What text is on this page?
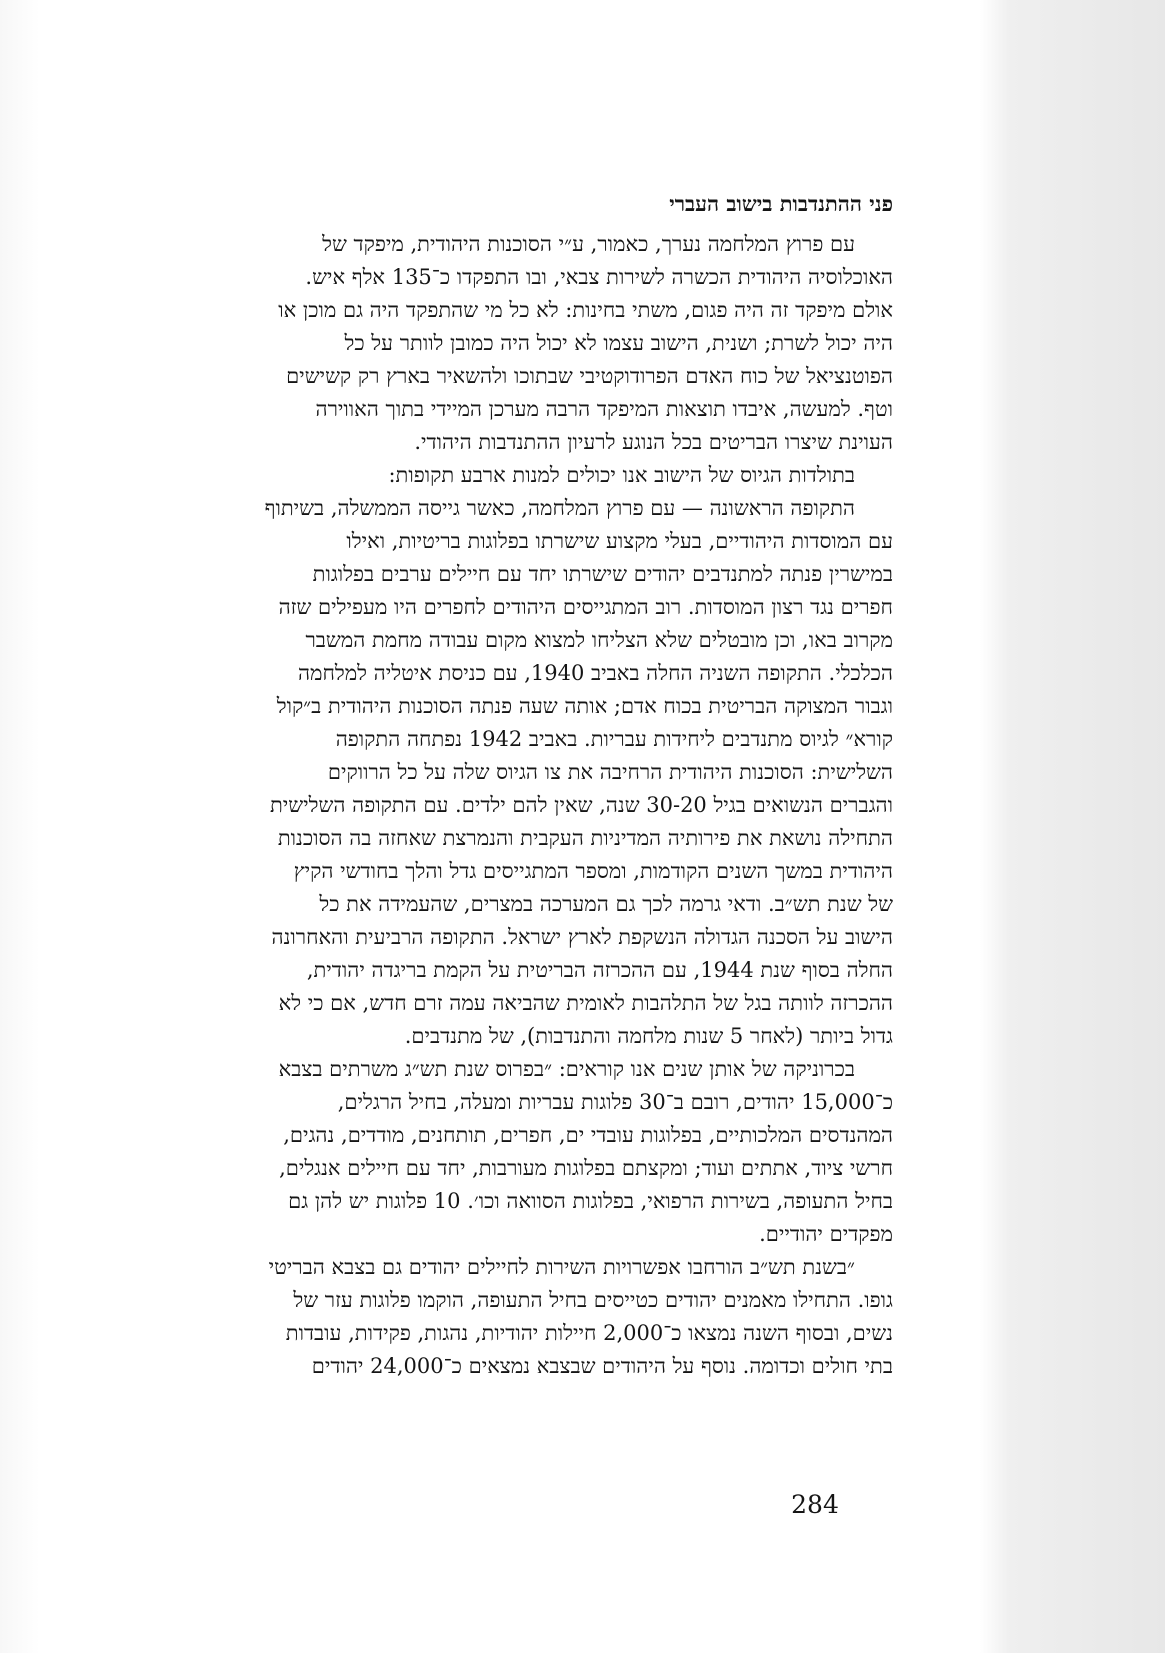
פני ההתנדבות בישוב העברי

עם פרוץ המלחמה נערך, כאמור, ע״י הסוכנות היהודית, מיפקד של
האוכלוסיה היהודית הכשרה לשירות צבאי, ובו התפקדו כ־135 אלף איש.
אולם מיפקד זה היה פגום, משתי בחינות: לא כל מי שהתפקד היה גם מוכן או
היה יכול לשרת; ושנית, הישוב עצמו לא יכול היה כמובן לוותר על כל
הפוטנציאל של כוח האדם הפרודוקטיבי שבתוכו ולהשאיר בארץ רק קשישים
וטף. למעשה, איבדו תוצאות המיפקד הרבה מערכן המיידי בתוך האווירה
העוינת שיצרו הבריטים בכל הנוגע לרעיון ההתנדבות היהודי.

בתולדות הגיוס של הישוב אנו יכולים למנות ארבע תקופות:

התקופה הראשונה — עם פרוץ המלחמה, כאשר גייסה הממשלה, בשיתוף
עם המוסדות היהודיים, בעלי מקצוע שישרתו בפלוגות בריטיות, ואילו
במישרין פנתה למתנדבים יהודים שישרתו יחד עם חיילים ערבים בפלוגות
חפרים נגד רצון המוסדות. רוב המתגייסים היהודים לחפרים היו מעפילים שזה
מקרוב באו, וכן מובטלים שלא הצליחו למצוא מקום עבודה מחמת המשבר
הכלכלי. התקופה השניה החלה באביב 1940, עם כניסת איטליה למלחמה
וגבור המצוקה הבריטית בכוח אדם; אותה שעה פנתה הסוכנות היהודית ב״קול
קורא״ לגיוס מתנדבים ליחידות עבריות. באביב 1942 נפתחה התקופה
השלישית: הסוכנות היהודית הרחיבה את צו הגיוס שלה על כל הרווקים
והגברים הנשואים בגיל 30-20 שנה, שאין להם ילדים. עם התקופה השלישית
התחילה נושאת את פירותיה המדיניות העקבית והנמרצת שאחזה בה הסוכנות
היהודית במשך השנים הקודמות, ומספר המתגייסים גדל והלך בחודשי הקיץ
של שנת תש״ב. ודאי גרמה לכך גם המערכה במצרים, שהעמידה את כל
הישוב על הסכנה הגדולה הנשקפת לארץ ישראל. התקופה הרביעית והאחרונה
החלה בסוף שנת 1944, עם ההכרזה הבריטית על הקמת בריגדה יהודית,
ההכרזה לוותה בגל של התלהבות לאומית שהביאה עמה זרם חדש, אם כי לא
גדול ביותר (לאחר 5 שנות מלחמה והתנדבות), של מתנדבים.

בכרוניקה של אותן שנים אנו קוראים: ״בפרוס שנת תש״ג משרתים בצבא
כ־15,000 יהודים, רובם ב־30 פלוגות עבריות ומעלה, בחיל הרגלים,
המהנדסים המלכותיים, בפלוגות עובדי ים, חפרים, תותחנים, מודדים, נהגים,
חרשי ציוד, אתתים ועוד; ומקצתם בפלוגות מעורבות, יחד עם חיילים אנגלים,
בחיל התעופה, בשירות הרפואי, בפלוגות הסוואה וכו׳. 10 פלוגות יש להן גם
מפקדים יהודיים.

״בשנת תש״ב הורחבו אפשרויות השירות לחיילים יהודים גם בצבא הבריטי
גופו. התחילו מאמנים יהודים כטייסים בחיל התעופה, הוקמו פלוגות עזר של
נשים, ובסוף השנה נמצאו כ־2,000 חיילות יהודיות, נהגות, פקידות, עובדות
בתי חולים וכדומה. נוסף על היהודים שבצבא נמצאים כ־24,000 יהודים

284
